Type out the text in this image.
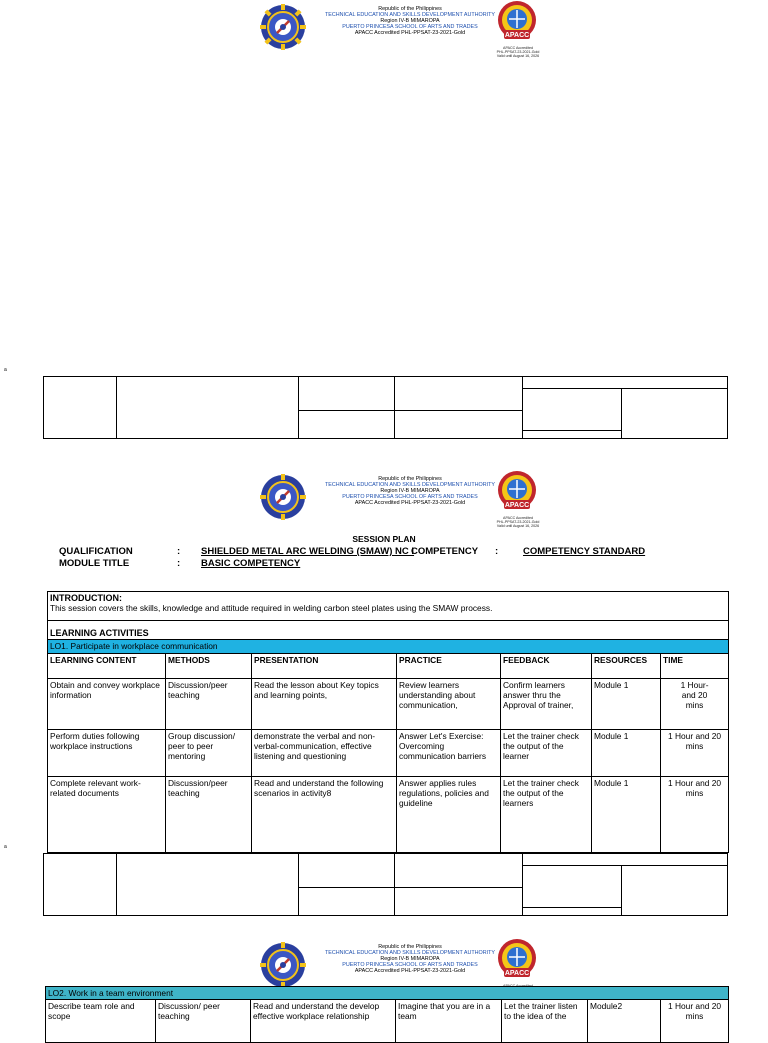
Republic of the Philippines
TECHNICAL EDUCATION AND SKILLS DEVELOPMENT AUTHORITY
Region IV-B MIMAROPA
PUERTO PRINCESA SCHOOL OF ARTS AND TRADES
APACC Accredited PHL-PPSAT-23-2021-Gold	APACC
APACC Accredited
PHL-PPSAT-23-2021-Gold
Valid until August 16, 2026
a
Republic of the Philippines
TECHNICAL EDUCATION AND SKILLS DEVELOPMENT AUTHORITY
Region IV-B MIMAROPA
PUERTO PRINCESA SCHOOL OF ARTS AND TRADES
APACC Accredited PHL-PPSAT-23-2021-Gold	APACC
APACC Accredited
PHL-PPSAT-23-2021-Gold
Valid until August 16, 2026
SESSION PLAN
QUALIFICATION	: SHIELDED METAL ARC WELDING (SMAW) NC I
COMPETENCY :	COMPETENCY STANDARD
MODULE TITLE	: BASIC COMPETENCY
INTRODUCTION:
This session covers the skills, knowledge and attitude required in welding carbon steel plates using the SMAW process.						

LEARNING ACTIVITIES						
LO1. Participate in workplace communication						
LEARNING CONTENT	METHODS	PRESENTATION	PRACTICE	FEEDBACK	RESOURCES	TIME
Obtain and convey workplace information	Discussion/peer teaching	Read the lesson about Key topics and learning points,	Review learners understanding about communication,	Confirm learners answer thru the Approval of trainer,	Module 1	1 Hour- and 20 mins
Perform duties following workplace instructions	Group discussion/ peer to peer mentoring	demonstrate the verbal and non-verbal-communication, effective listening and questioning	Answer Let's Exercise: Overcoming communication barriers	Let the trainer check the output of the learner	Module 1	1 Hour and 20 mins
Complete relevant work-related documents	Discussion/peer teaching	Read and understand the following scenarios in activity8	Answer applies rules regulations, policies and guideline	Let the trainer check the output of the learners	Module 1	1 Hour and 20 mins
a
Republic of the Philippines
TECHNICAL EDUCATION AND SKILLS DEVELOPMENT AUTHORITY
Region IV-B MIMAROPA
PUERTO PRINCESA SCHOOL OF ARTS AND TRADES
APACC Accredited PHL-PPSAT-23-2021-Gold	APACC
LO2. Work in a team environment
Describe team role and scope	Discussion/ peer teaching	Read and understand the develop effective workplace relationship	Imagine that you are in a team	Let the trainer listen to the idea of the	Module2	1 Hour and 20 mins
